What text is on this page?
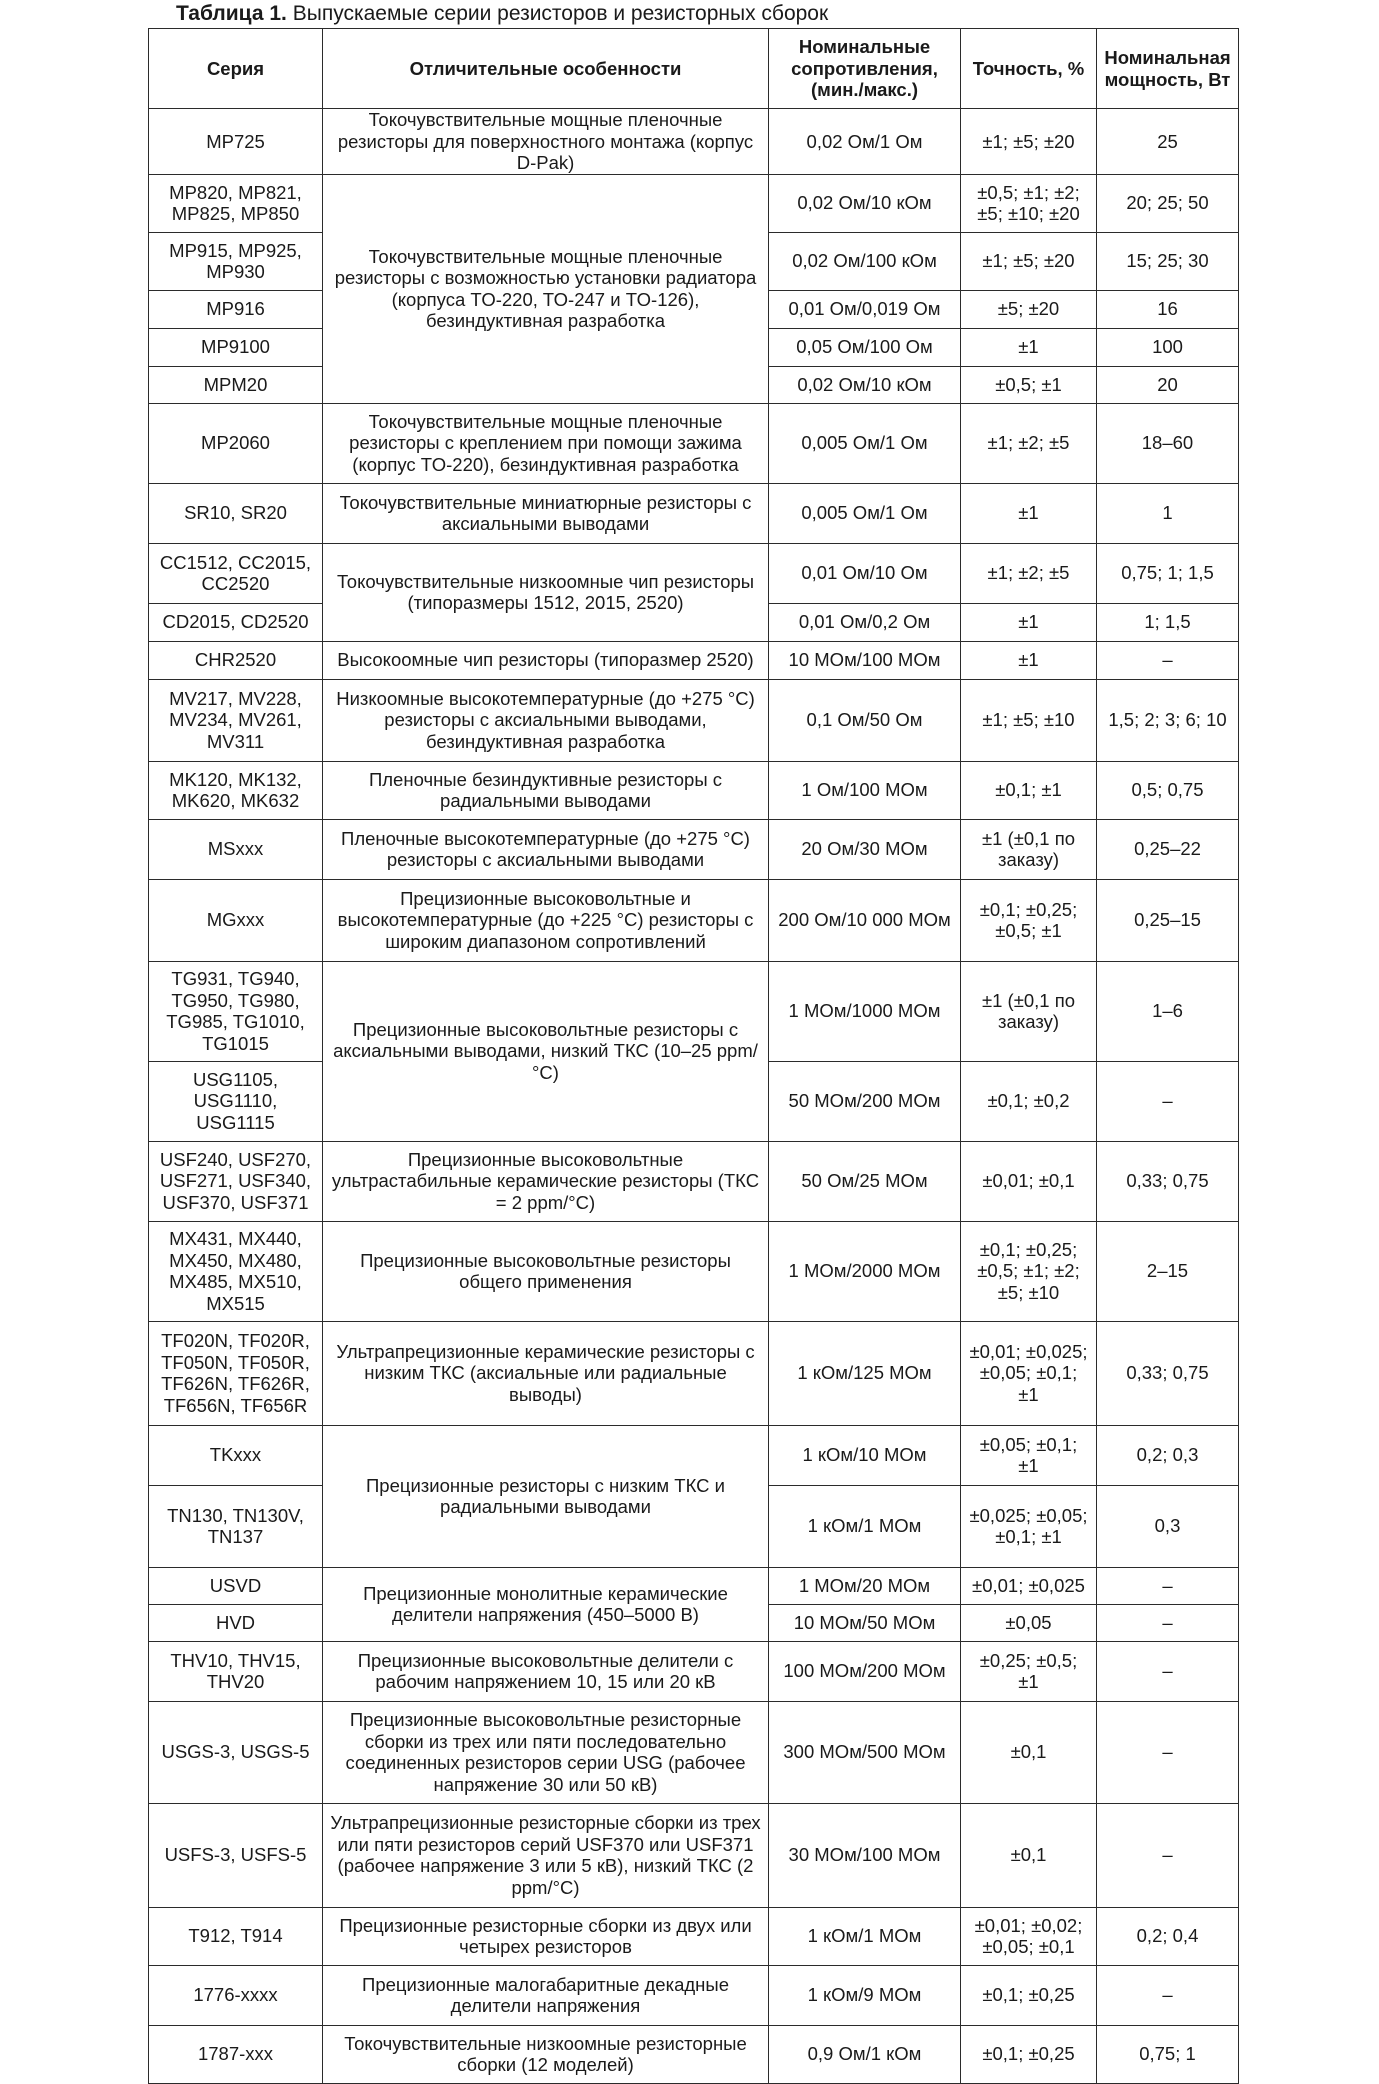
Таблица 1. Выпускаемые серии резисторов и резисторных сборок
Серия	Отличительные особенности	Номинальные сопротивления, (мин./макс.)	Точность, %	Номинальная мощность, Вт
MP725	Токочувствительные мощные пленочные резисторы для поверхностного монтажа (корпус D-Pak)	0,02 Ом/1 Ом	±1; ±5; ±20	25
MP820, MP821, MP825, MP850	Токочувствительные мощные пленочные резисторы с возможностью установки радиатора (корпуса TO-220, TO-247 и TO-126), безиндуктивная разработка	0,02 Ом/10 кОм	±0,5; ±1; ±2; ±5; ±10; ±20	20; 25; 50
MP915, MP925, MP930		0,02 Ом/100 кОм	±1; ±5; ±20	15; 25; 30
MP916		0,01 Ом/0,019 Ом	±5; ±20	16
MP9100		0,05 Ом/100 Ом	±1	100
MPM20		0,02 Ом/10 кОм	±0,5; ±1	20
MP2060	Токочувствительные мощные пленочные резисторы с креплением при помощи зажима (корпус TO-220), безиндуктивная разработка	0,005 Ом/1 Ом	±1; ±2; ±5	18–60
SR10, SR20	Токочувствительные миниатюрные резисторы с аксиальными выводами	0,005 Ом/1 Ом	±1	1
CC1512, CC2015, CC2520	Токочувствительные низкоомные чип резисторы (типоразмеры 1512, 2015, 2520)	0,01 Ом/10 Ом	±1; ±2; ±5	0,75; 1; 1,5
CD2015, CD2520		0,01 Ом/0,2 Ом	±1	1; 1,5
CHR2520	Высокоомные чип резисторы (типоразмер 2520)	10 МОм/100 МОм	±1	–
MV217, MV228, MV234, MV261, MV311	Низкоомные высокотемпературные (до +275 °C) резисторы с аксиальными выводами, безиндуктивная разработка	0,1 Ом/50 Ом	±1; ±5; ±10	1,5; 2; 3; 6; 10
MK120, MK132, MK620, MK632	Пленочные безиндуктивные резисторы с радиальными выводами	1 Ом/100 МОм	±0,1; ±1	0,5; 0,75
MSxxx	Пленочные высокотемпературные (до +275 °C) резисторы с аксиальными выводами	20 Ом/30 МОм	±1 (±0,1 по заказу)	0,25–22
MGxxx	Прецизионные высоковольтные и высокотемпературные (до +225 °C) резисторы с широким диапазоном сопротивлений	200 Ом/10 000 МОм	±0,1; ±0,25; ±0,5; ±1	0,25–15
TG931, TG940, TG950, TG980, TG985, TG1010, TG1015	Прецизионные высоковольтные резисторы с аксиальными выводами, низкий ТКС (10–25 ppm/°C)	1 МОм/1000 МОм	±1 (±0,1 по заказу)	1–6
USG1105, USG1110, USG1115		50 МОм/200 МОм	±0,1; ±0,2	–
USF240, USF270, USF271, USF340, USF370, USF371	Прецизионные высоковольтные ультрастабильные керамические резисторы (ТКС = 2 ppm/°C)	50 Ом/25 МОм	±0,01; ±0,1	0,33; 0,75
MX431, MX440, MX450, MX480, MX485, MX510, MX515	Прецизионные высоковольтные резисторы общего применения	1 МОм/2000 МОм	±0,1; ±0,25; ±0,5; ±1; ±2; ±5; ±10	2–15
TF020N, TF020R, TF050N, TF050R, TF626N, TF626R, TF656N, TF656R	Ультрапрецизионные керамические резисторы с низким ТКС (аксиальные или радиальные выводы)	1 кОм/125 МОм	±0,01; ±0,025; ±0,05; ±0,1; ±1	0,33; 0,75
TKxxx	Прецизионные резисторы с низким ТКС и радиальными выводами	1 кОм/10 МОм	±0,05; ±0,1; ±1	0,2; 0,3
TN130, TN130V, TN137		1 кОм/1 МОм	±0,025; ±0,05; ±0,1; ±1	0,3
USVD	Прецизионные монолитные керамические делители напряжения (450–5000 В)	1 МОм/20 МОм	±0,01; ±0,025	–
HVD		10 МОм/50 МОм	±0,05	–
THV10, THV15, THV20	Прецизионные высоковольтные делители с рабочим напряжением 10, 15 или 20 кВ	100 МОм/200 МОм	±0,25; ±0,5; ±1	–
USGS-3, USGS-5	Прецизионные высоковольтные резисторные сборки из трех или пяти последовательно соединенных резисторов серии USG (рабочее напряжение 30 или 50 кВ)	300 МОм/500 МОм	±0,1	–
USFS-3, USFS-5	Ультрапрецизионные резисторные сборки из трех или пяти резисторов серий USF370 или USF371 (рабочее напряжение 3 или 5 кВ), низкий ТКС (2 ppm/°C)	30 МОм/100 МОм	±0,1	–
T912, T914	Прецизионные резисторные сборки из двух или четырех резисторов	1 кОм/1 МОм	±0,01; ±0,02; ±0,05; ±0,1	0,2; 0,4
1776-xxxx	Прецизионные малогабаритные декадные делители напряжения	1 кОм/9 МОм	±0,1; ±0,25	–
1787-xxx	Токочувствительные низкоомные резисторные сборки (12 моделей)	0,9 Ом/1 кОм	±0,1; ±0,25	0,75; 1
